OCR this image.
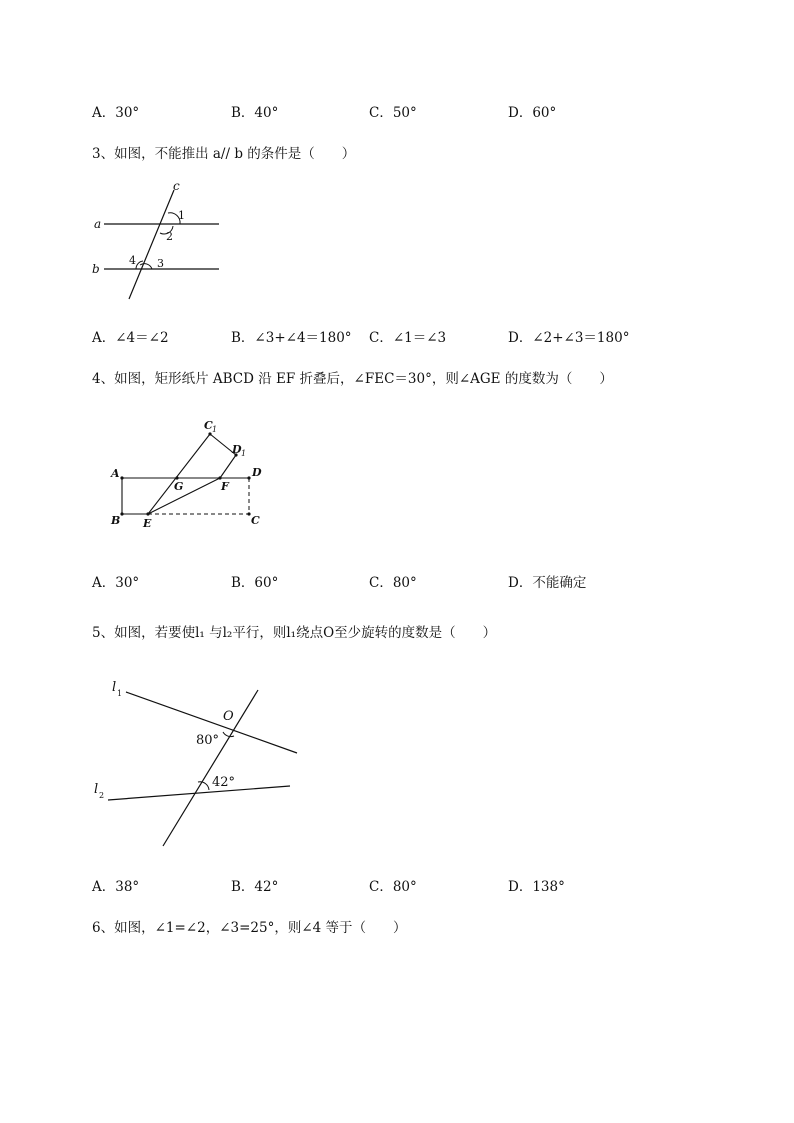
A．30°	B．40°	C．50°	D．60°
3、如图，不能推出 a// b 的条件是（　　）
c
a
b
1
2
3
4
A．∠4＝∠2	B．∠3+∠4＝180° C．∠1＝∠3	D．∠2+∠3＝180°
4、如图，矩形纸片 ABCD 沿 EF 折叠后，∠FEC＝30°，则∠AGE 的度数为（　　）
A
B E	C
D
F
G
C 1
D 1
A．30°	B．60°	C．80°	D．不能确定
5、如图，若要使l₁ 与l₂平行，则l₁绕点O至少旋转的度数是（　　）
l 1
l 2
O
80°
42°
A．38°	B．42°	C．80°	D．138°
6、如图，∠1=∠2，∠3=25°，则∠4 等于（　　）
